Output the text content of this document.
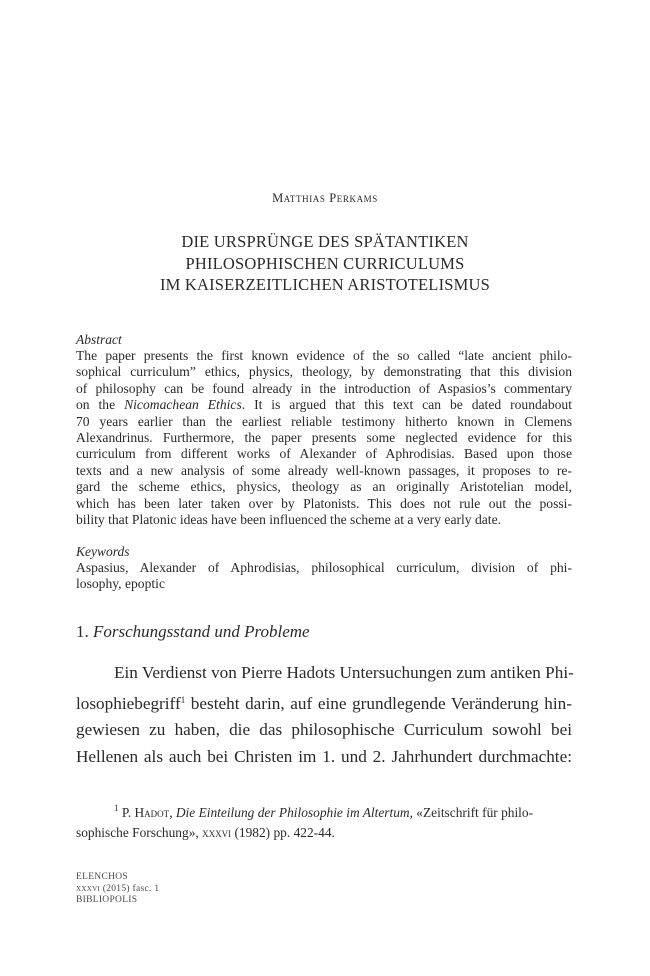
Matthias Perkams
DIE URSPRÜNGE DES SPÄTANTIKEN
PHILOSOPHISCHEN CURRICULUMS
IM KAISERZEITLICHEN ARISTOTELISMUS
Abstract
The paper presents the first known evidence of the so called “late ancient philo-
sophical curriculum” ethics, physics, theology, by demonstrating that this division
of philosophy can be found already in the introduction of Aspasios’s commentary
on the Nicomachean Ethics. It is argued that this text can be dated roundabout
70 years earlier than the earliest reliable testimony hitherto known in Clemens
Alexandrinus. Furthermore, the paper presents some neglected evidence for this
curriculum from different works of Alexander of Aphrodisias. Based upon those
texts and a new analysis of some already well-known passages, it proposes to re-
gard the scheme ethics, physics, theology as an originally Aristotelian model,
which has been later taken over by Platonists. This does not rule out the possi-
bility that Platonic ideas have been influenced the scheme at a very early date.
Keywords
Aspasius, Alexander of Aphrodisias, philosophical curriculum, division of phi-
losophy, epoptic
1. Forschungsstand und Probleme
Ein Verdienst von Pierre Hadots Untersuchungen zum antiken Phi-
losophiebegriff$^1$ besteht darin, auf eine grundlegende Veränderung hin-
gewiesen zu haben, die das philosophische Curriculum sowohl bei
Hellenen als auch bei Christen im 1. und 2. Jahrhundert durchmachte:
$^1$ P. Hadot, Die Einteilung der Philosophie im Altertum, «Zeitschrift für philo-
sophische Forschung», xxxvi (1982) pp. 422-44.
ELENCHOS
xxxvi (2015) fasc. 1
BIBLIOPOLIS
